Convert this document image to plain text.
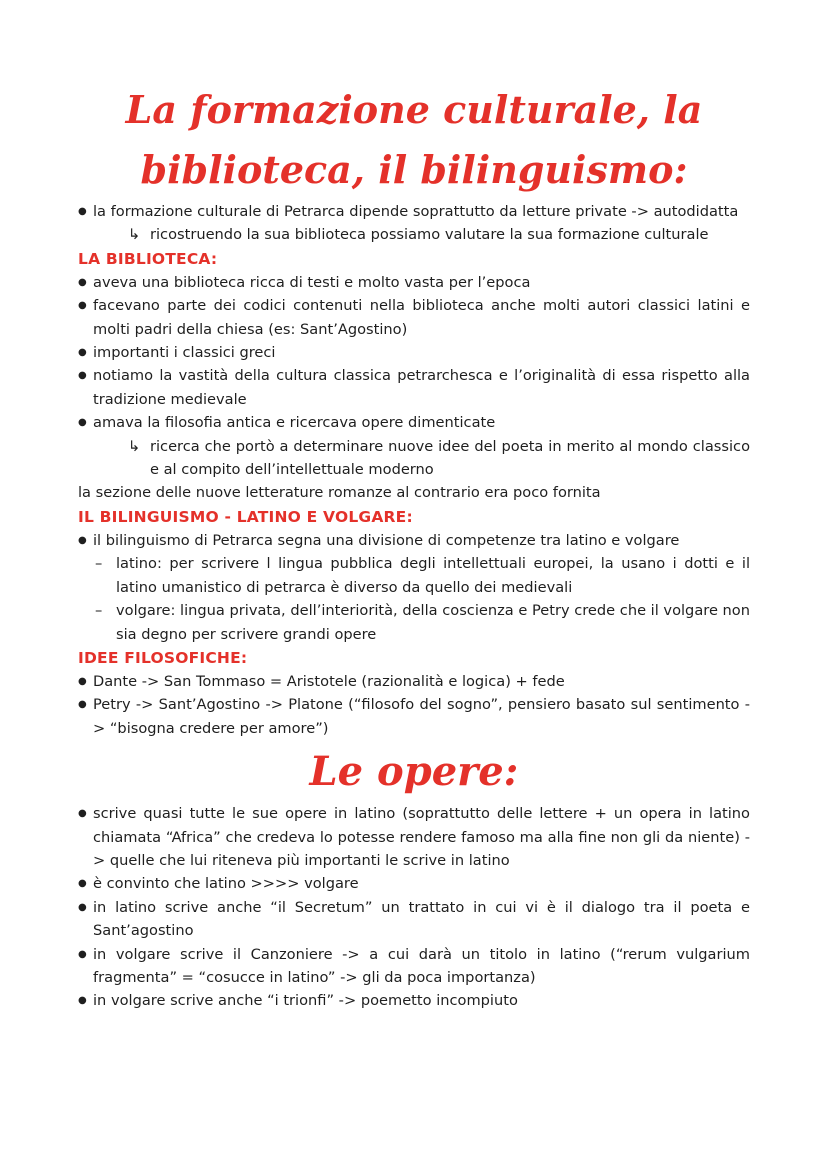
La formazione culturale, la biblioteca, il bilinguismo:
● la formazione culturale di Petrarca dipende soprattutto da letture private -> autodidatta
↳ ricostruendo la sua biblioteca possiamo valutare la sua formazione culturale
LA BIBLIOTECA:
● aveva una biblioteca ricca di testi e molto vasta per l’epoca
● facevano parte dei codici contenuti nella biblioteca anche molti autori classici latini e molti padri della chiesa (es: Sant’Agostino)
● importanti i classici greci
● notiamo la vastità della cultura classica petrarchesca e l’originalità di essa rispetto alla tradizione medievale
● amava la filosofia antica e ricercava opere dimenticate
↳ ricerca che portò a determinare nuove idee del poeta in merito al mondo classico e al compito dell’intellettuale moderno
la sezione delle nuove letterature romanze al contrario era poco fornita
IL BILINGUISMO - LATINO E VOLGARE:
● il bilinguismo di Petrarca segna una divisione di competenze tra latino e volgare
– latino: per scrivere l lingua pubblica degli intellettuali europei, la usano i dotti e il latino umanistico di petrarca è diverso da quello dei medievali
– volgare: lingua privata, dell’interiorità, della coscienza e Petry crede che il volgare non sia degno per scrivere grandi opere
IDEE FILOSOFICHE:
● Dante -> San Tommaso = Aristotele (razionalità e logica) + fede
● Petry -> Sant’Agostino -> Platone (“filosofo del sogno”, pensiero basato sul sentimento -> “bisogna credere per amore”)
Le opere:
● scrive quasi tutte le sue opere in latino (soprattutto delle lettere + un opera in latino chiamata “Africa” che credeva lo potesse rendere famoso ma alla fine non gli da niente) -> quelle che lui riteneva più importanti le scrive in latino
● è convinto che latino >>>> volgare
● in latino scrive anche “il Secretum” un trattato in cui vi è il dialogo tra il poeta e Sant’agostino
● in volgare scrive il Canzoniere -> a cui darà un titolo in latino (“rerum vulgarium fragmenta” = “cosucce in latino” -> gli da poca importanza)
● in volgare scrive anche “i trionfi” -> poemetto incompiuto
